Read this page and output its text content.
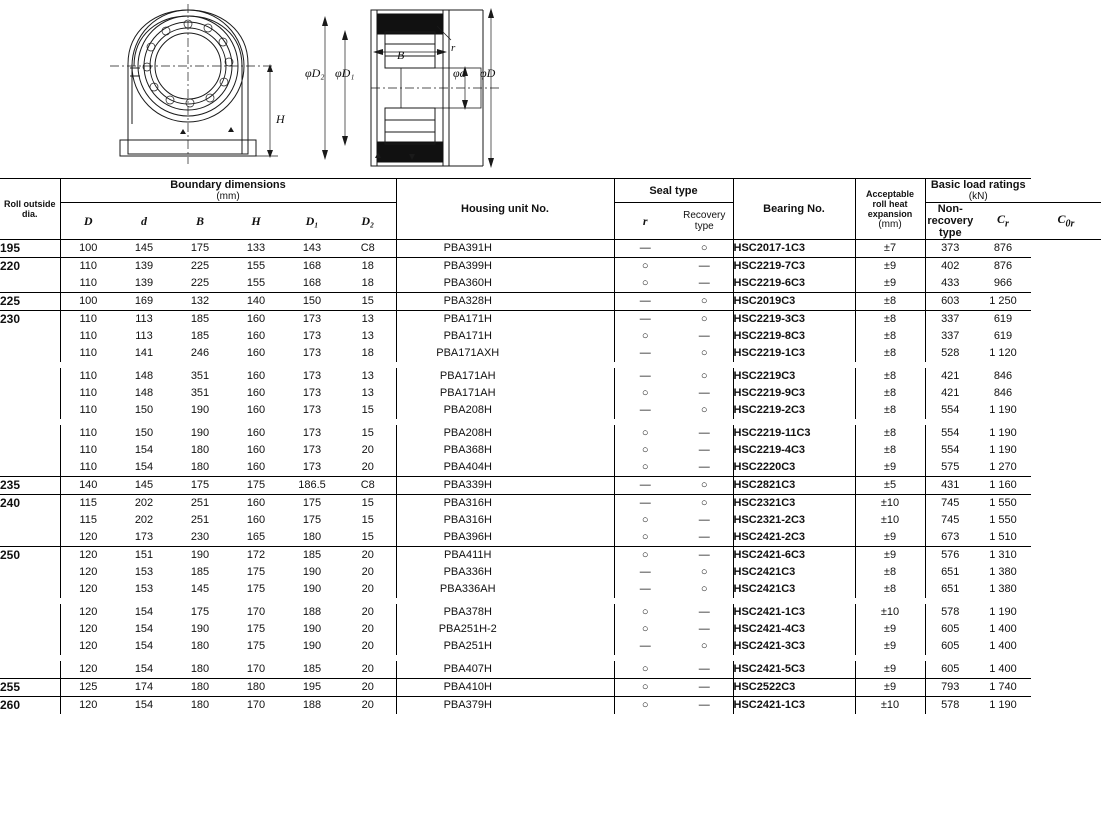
H
B	r
φD₂ φD₁	φd φD
Roll outside
dia.

Boundary dimensions
(mm)
	Housing unit No.	Seal type	Bearing No.	
Acceptable
roll heat
expansion
(mm)

Basic load ratings
(kN)

D	d	B	H	D₁	D₂	r	Recovery
type

Non-recovery
type
	$C_r$	$C_{0r}$
195	100	145	175	133	143	C8	PBA391H		—	○	HSC2017-1C3	±7	373	876	
220	110	139	225	155	168	18	PBA399H		○	—	HSC2219-7C3	±9	402	876	
	110	139	225	155	168	18	PBA360H		○	—	HSC2219-6C3	±9	433	966	
225	100	169	132	140	150	15	PBA328H		—	○	HSC2019C3	±8	603	1 250	
230	110	113	185	160	173	13	PBA171H		—	○	HSC2219-3C3	±8	337	619	
	110	113	185	160	173	13	PBA171H		○	—	HSC2219-8C3	±8	337	619	
	110	141	246	160	173	18	PBA171AXH		—	○	HSC2219-1C3	±8	528	1 120	

	110	148	351	160	173	13	PBA171AH		—	○	HSC2219C3	±8	421	846	
	110	148	351	160	173	13	PBA171AH		○	—	HSC2219-9C3	±8	421	846	
	110	150	190	160	173	15	PBA208H		—	○	HSC2219-2C3	±8	554	1 190	

	110	150	190	160	173	15	PBA208H		○	—	HSC2219-11C3	±8	554	1 190	
	110	154	180	160	173	20	PBA368H		○	—	HSC2219-4C3	±8	554	1 190	
	110	154	180	160	173	20	PBA404H		○	—	HSC2220C3	±9	575	1 270	
235	140	145	175	175	186.5	C8	PBA339H		—	○	HSC2821C3	±5	431	1 160	
240	115	202	251	160	175	15	PBA316H		—	○	HSC2321C3	±10	745	1 550	
	115	202	251	160	175	15	PBA316H		○	—	HSC2321-2C3	±10	745	1 550	
	120	173	230	165	180	15	PBA396H		○	—	HSC2421-2C3	±9	673	1 510	
250	120	151	190	172	185	20	PBA411H		○	—	HSC2421-6C3	±9	576	1 310	
	120	153	185	175	190	20	PBA336H		—	○	HSC2421C3	±8	651	1 380	
	120	153	145	175	190	20	PBA336AH		—	○	HSC2421C3	±8	651	1 380	

	120	154	175	170	188	20	PBA378H		○	—	HSC2421-1C3	±10	578	1 190	
	120	154	190	175	190	20	PBA251H-2		○	—	HSC2421-4C3	±9	605	1 400	
	120	154	180	175	190	20	PBA251H		—	○	HSC2421-3C3	±9	605	1 400	

	120	154	180	170	185	20	PBA407H		○	—	HSC2421-5C3	±9	605	1 400	
255	125	174	180	180	195	20	PBA410H		○	—	HSC2522C3	±9	793	1 740	
260	120	154	180	170	188	20	PBA379H		○	—	HSC2421-1C3	±10	578	1 190	
